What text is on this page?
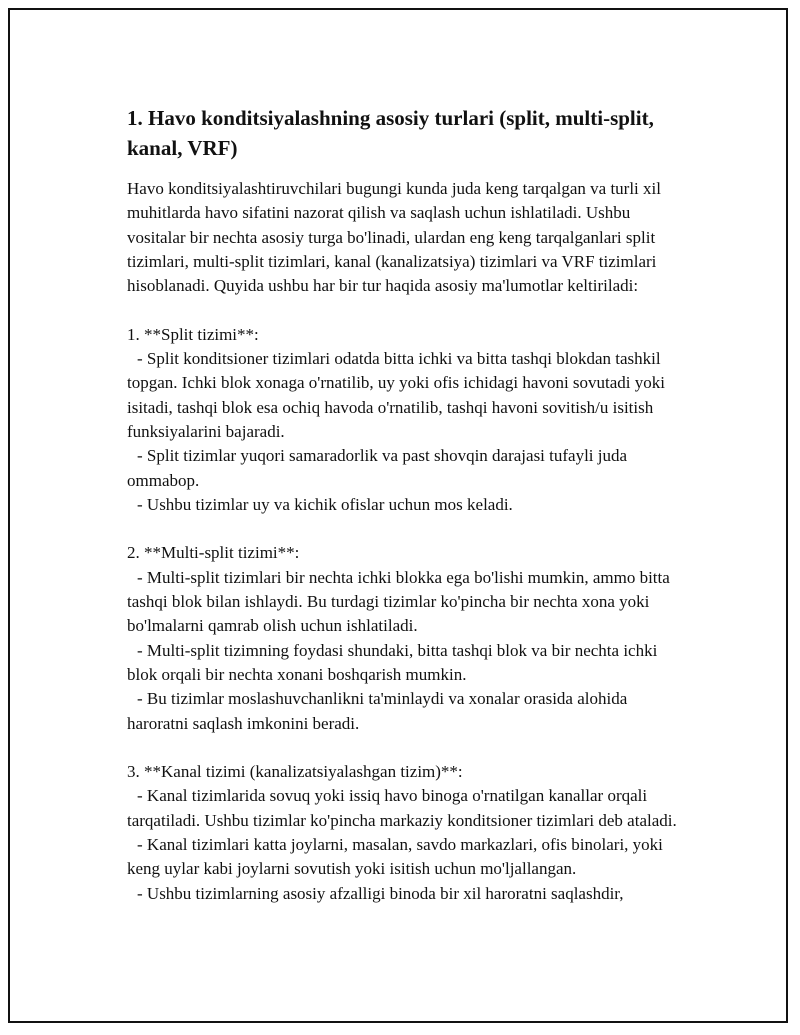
1. Havo konditsiyalashning asosiy turlari (split, multi-split, kanal, VRF)

Havo konditsiyalashtiruvchilari bugungi kunda juda keng tarqalgan va turli xil muhitlarda havo sifatini nazorat qilish va saqlash uchun ishlatiladi. Ushbu vositalar bir nechta asosiy turga bo'linadi, ulardan eng keng tarqalganlari split tizimlari, multi-split tizimlari, kanal (kanalizatsiya) tizimlari va VRF tizimlari hisoblanadi. Quyida ushbu har bir tur haqida asosiy ma'lumotlar keltiriladi:

1. **Split tizimi**:

- Split konditsioner tizimlari odatda bitta ichki va bitta tashqi blokdan tashkil topgan. Ichki blok xonaga o'rnatilib, uy yoki ofis ichidagi havoni sovutadi yoki isitadi, tashqi blok esa ochiq havoda o'rnatilib, tashqi havoni sovitish/u isitish funksiyalarini bajaradi.

- Split tizimlar yuqori samaradorlik va past shovqin darajasi tufayli juda ommabop.

- Ushbu tizimlar uy va kichik ofislar uchun mos keladi.

2. **Multi-split tizimi**:

- Multi-split tizimlari bir nechta ichki blokka ega bo'lishi mumkin, ammo bitta tashqi blok bilan ishlaydi. Bu turdagi tizimlar ko'pincha bir nechta xona yoki bo'lmalarni qamrab olish uchun ishlatiladi.

- Multi-split tizimning foydasi shundaki, bitta tashqi blok va bir nechta ichki blok orqali bir nechta xonani boshqarish mumkin.

- Bu tizimlar moslashuvchanlikni ta'minlaydi va xonalar orasida alohida haroratni saqlash imkonini beradi.

3. **Kanal tizimi (kanalizatsiyalashgan tizim)**:

- Kanal tizimlarida sovuq yoki issiq havo binoga o'rnatilgan kanallar orqali tarqatiladi. Ushbu tizimlar ko'pincha markaziy konditsioner tizimlari deb ataladi.

- Kanal tizimlari katta joylarni, masalan, savdo markazlari, ofis binolari, yoki keng uylar kabi joylarni sovutish yoki isitish uchun mo'ljallangan.

- Ushbu tizimlarning asosiy afzalligi binoda bir xil haroratni saqlashdir,
